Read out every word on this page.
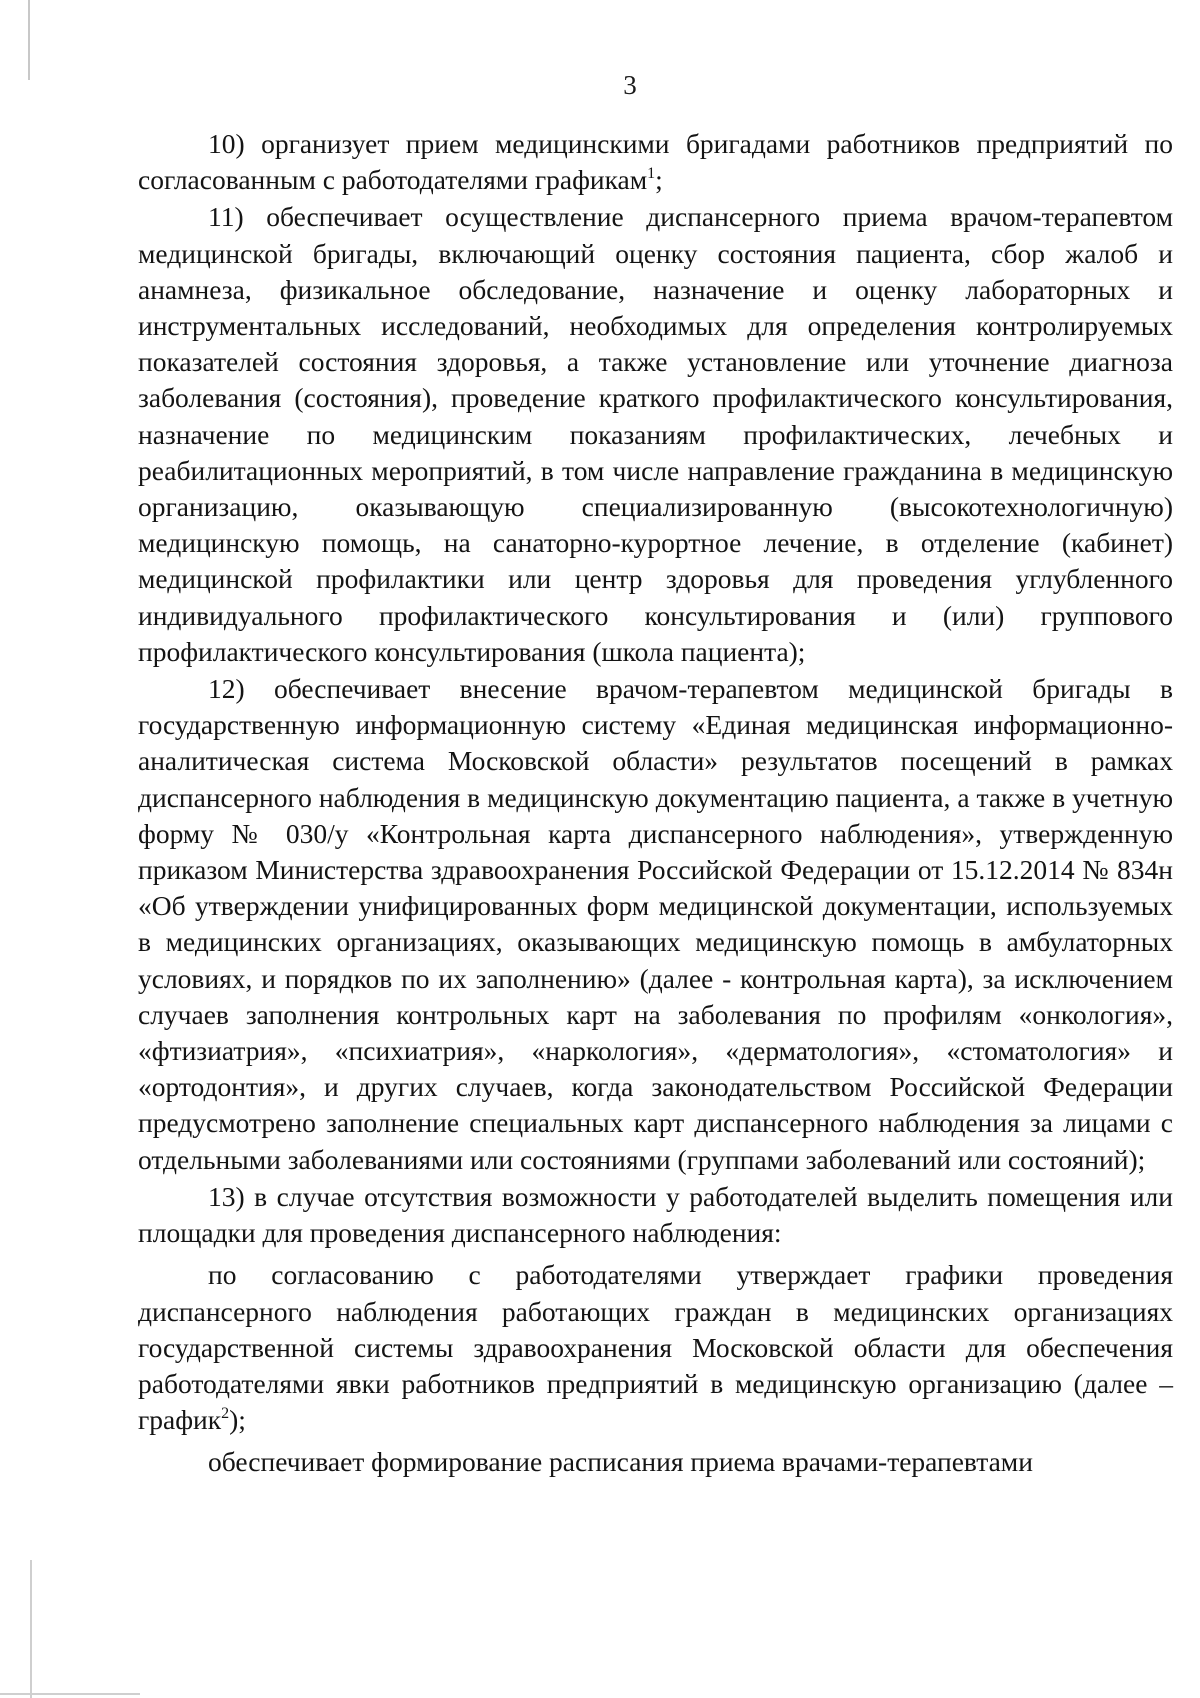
3

10) организует прием медицинскими бригадами работников предприятий по согласованным с работодателями графикам$^1$;

11) обеспечивает осуществление диспансерного приема врачом-терапевтом медицинской бригады, включающий оценку состояния пациента, сбор жалоб и анамнеза, физикальное обследование, назначение и оценку лабораторных и инструментальных исследований, необходимых для определения контролируемых показателей состояния здоровья, а также установление или уточнение диагноза заболевания (состояния), проведение краткого профилактического консультирования, назначение по медицинским показаниям профилактических, лечебных и реабилитационных мероприятий, в том числе направление гражданина в медицинскую организацию, оказывающую специализированную (высокотехнологичную) медицинскую помощь, на санаторно-курортное лечение, в отделение (кабинет) медицинской профилактики или центр здоровья для проведения углубленного индивидуального профилактического консультирования и (или) группового профилактического консультирования (школа пациента);

12) обеспечивает внесение врачом-терапевтом медицинской бригады в государственную информационную систему «Единая медицинская информационно-аналитическая система Московской области» результатов посещений в рамках диспансерного наблюдения в медицинскую документацию пациента, а также в учетную форму № 030/у «Контрольная карта диспансерного наблюдения», утвержденную приказом Министерства здравоохранения Российской Федерации от 15.12.2014 № 834н «Об утверждении унифицированных форм медицинской документации, используемых в медицинских организациях, оказывающих медицинскую помощь в амбулаторных условиях, и порядков по их заполнению» (далее - контрольная карта), за исключением случаев заполнения контрольных карт на заболевания по профилям «онкология», «фтизиатрия», «психиатрия», «наркология», «дерматология», «стоматология» и «ортодонтия», и других случаев, когда законодательством Российской Федерации предусмотрено заполнение специальных карт диспансерного наблюдения за лицами с отдельными заболеваниями или состояниями (группами заболеваний или состояний);

13) в случае отсутствия возможности у работодателей выделить помещения или площадки для проведения диспансерного наблюдения:

по согласованию с работодателями утверждает графики проведения диспансерного наблюдения работающих граждан в медицинских организациях государственной системы здравоохранения Московской области для обеспечения работодателями явки работников предприятий в медицинскую организацию (далее – график$^2$);

обеспечивает формирование расписания приема врачами-терапевтами
